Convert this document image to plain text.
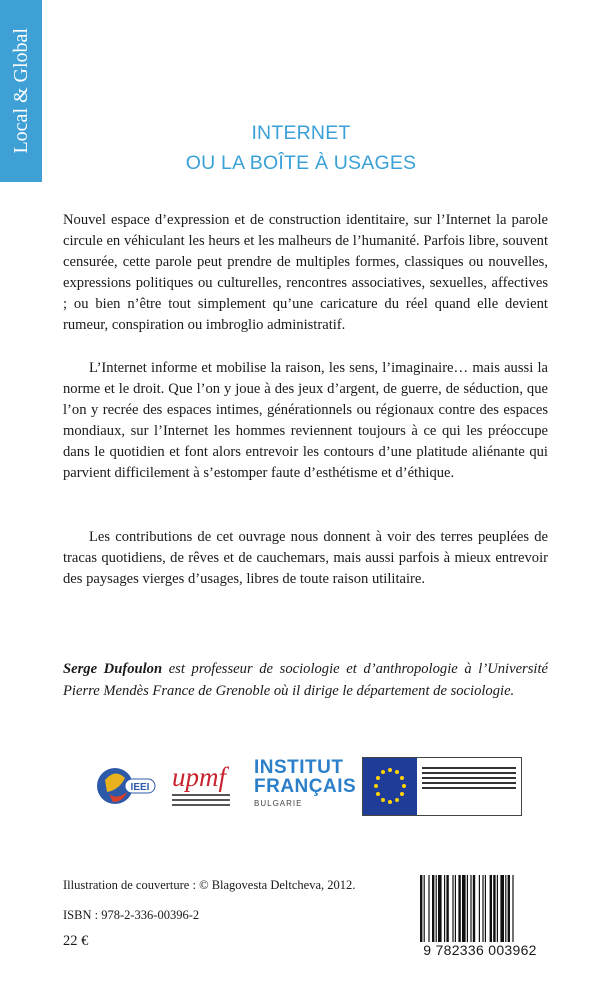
Local & Global	INTERNET
OU LA BOÎTE À USAGES
Nouvel espace d’expression et de construction identitaire, sur l’Internet la parole circule en véhiculant les heurs et les malheurs de l’humanité. Parfois libre, souvent censurée, cette parole peut prendre de multiples formes, classiques ou nouvelles, expressions politiques ou culturelles, rencontres associatives, sexuelles, affectives ; ou bien n’être tout simplement qu’une caricature du réel quand elle devient rumeur, conspiration ou imbroglio administratif.
L’Internet informe et mobilise la raison, les sens, l’imaginaire… mais aussi la norme et le droit. Que l’on y joue à des jeux d’argent, de guerre, de séduction, que l’on y recrée des espaces intimes, générationnels ou régionaux contre des espaces mondiaux, sur l’Internet les hommes reviennent toujours à ce qui les préoccupe dans le quotidien et font alors entrevoir les contours d’une platitude aliénante qui parvient difficilement à s’estomper faute d’esthétisme et d’éthique.
Les contributions de cet ouvrage nous donnent à voir des terres peuplées de tracas quotidiens, de rêves et de cauchemars, mais aussi parfois à mieux entrevoir des paysages vierges d’usages, libres de toute raison utilitaire.
Serge Dufoulon est professeur de sociologie et d’anthropologie à l’Université Pierre Mendès France de Grenoble où il dirige le département de sociologie.
IEEI upmf INSTITUT
FRANÇAIS
BULGARIE
Illustration de couverture : © Blagovesta Deltcheva, 2012.
ISBN : 978-2-336-00396-2
22 €
9 782336 003962
